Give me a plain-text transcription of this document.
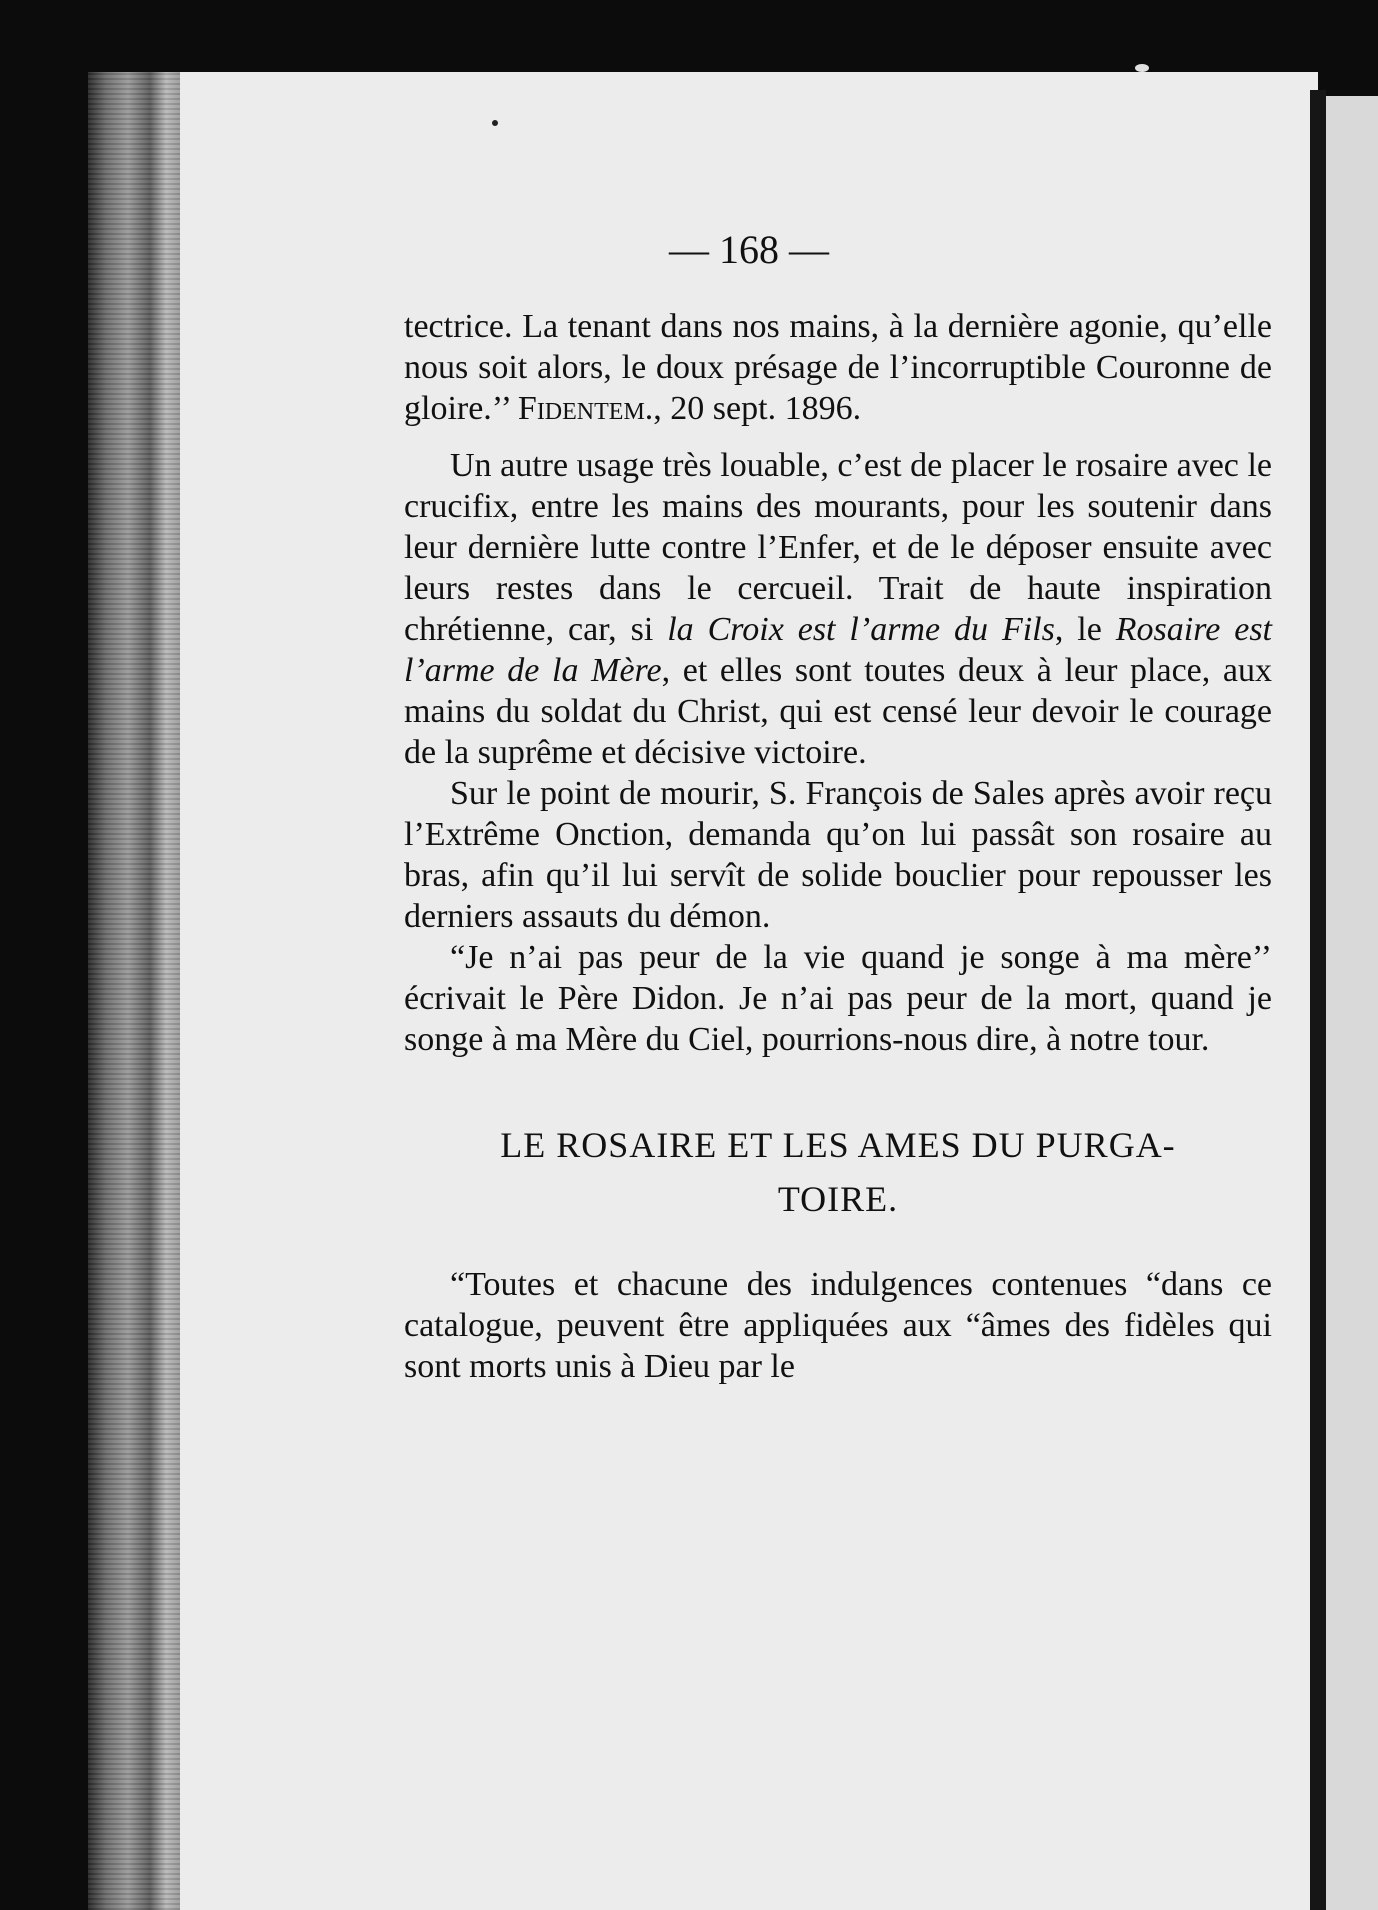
— 168 —

tectrice. La tenant dans nos mains, à la dernière agonie, qu’elle nous soit alors, le doux présage de l’incorruptible Couronne de gloire.’’ Fidentem., 20 sept. 1896.

Un autre usage très louable, c’est de placer le rosaire avec le crucifix, entre les mains des mourants, pour les soutenir dans leur dernière lutte contre l’Enfer, et de le déposer ensuite avec leurs restes dans le cercueil. Trait de haute inspiration chrétienne, car, si la Croix est l’arme du Fils, le Rosaire est l’arme de la Mère, et elles sont toutes deux à leur place, aux mains du soldat du Christ, qui est censé leur devoir le courage de la suprême et décisive victoire.

Sur le point de mourir, S. François de Sales après avoir reçu l’Extrême Onction, demanda qu’on lui passât son rosaire au bras, afin qu’il lui servît de solide bouclier pour repousser les derniers assauts du démon.

“Je n’ai pas peur de la vie quand je songe à ma mère’’ écrivait le Père Didon. Je n’ai pas peur de la mort, quand je songe à ma Mère du Ciel, pourrions-nous dire, à notre tour.

LE ROSAIRE ET LES AMES DU PURGA-
TOIRE.

“Toutes et chacune des indulgences contenues “dans ce catalogue, peuvent être appliquées aux “âmes des fidèles qui sont morts unis à Dieu par le
